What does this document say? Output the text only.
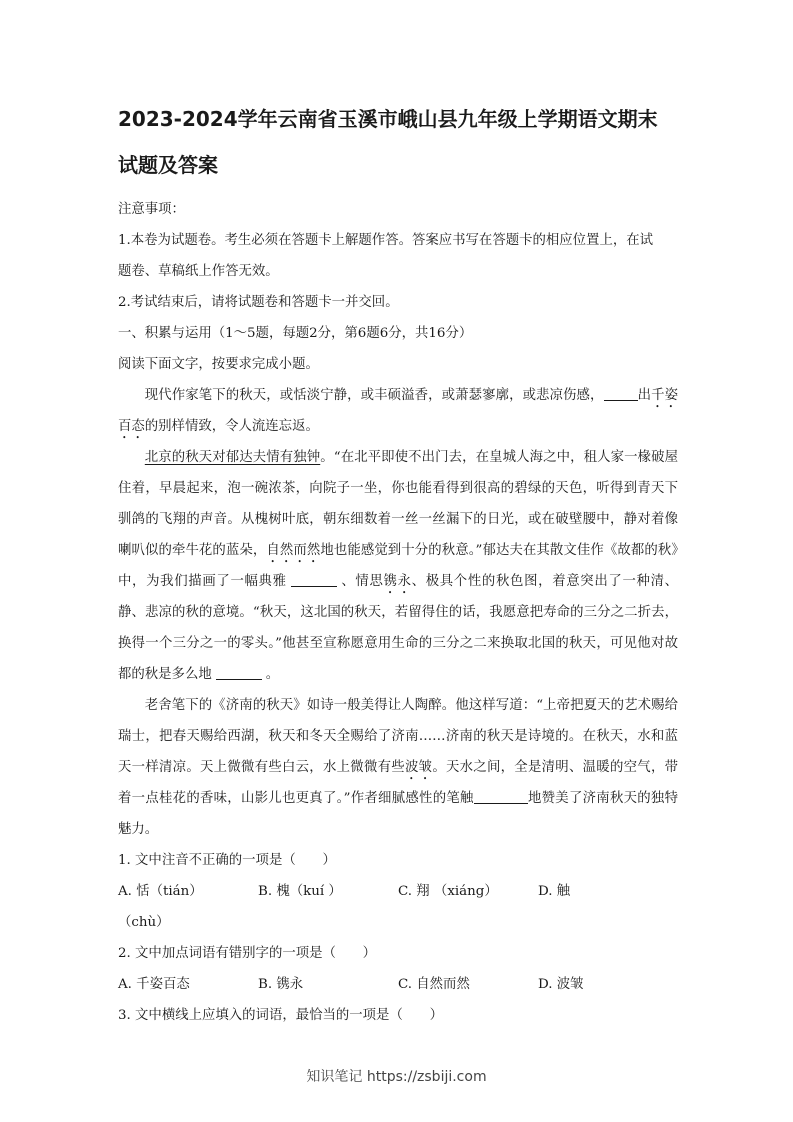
2023-2024学年云南省玉溪市峨山县九年级上学期语文期末
试题及答案

注意事项：

1.本卷为试题卷。考生必须在答题卡上解题作答。答案应书写在答题卡的相应位置上，在试

题卷、草稿纸上作答无效。

2.考试结束后，请将试题卷和答题卡一并交回。

一、积累与运用（1～5题，每题2分，第6题6分，共16分）

阅读下面文字，按要求完成小题。

现代作家笔下的秋天，或恬淡宁静，或丰硕溢香，或萧瑟寥廓，或悲凉伤感，	出千姿百态的别样情致，令人流连忘返。

北京的秋天对郁达夫情有独钟。“在北平即使不出门去，在皇城人海之中，租人家一椽破屋住着，早晨起来，泡一碗浓茶，向院子一坐，你也能看得到很高的碧绿的天色，听得到青天下驯鸽的飞翔的声音。从槐树叶底，朝东细数着一丝一丝漏下的日光，或在破壁腰中，静对着像喇叭似的牵牛花的蓝朵，自然而然地也能感觉到十分的秋意。”郁达夫在其散文佳作《故都的秋》中，为我们描画了一幅典雅	、情思镌永、极具个性的秋色图，着意突出了一种清、静、悲凉的秋的意境。“秋天，这北国的秋天，若留得住的话，我愿意把寿命的三分之二折去，换得一个三分之一的零头。”他甚至宣称愿意用生命的三分之二来换取北国的秋天，可见他对故都的秋是多么地	。

老舍笔下的《济南的秋天》如诗一般美得让人陶醉。他这样写道：“上帝把夏天的艺术赐给瑞士，把春天赐给西湖，秋天和冬天全赐给了济南……济南的秋天是诗境的。在秋天，水和蓝天一样清凉。天上微微有些白云，水上微微有些波皱。天水之间，全是清明、温暖的空气，带着一点桂花的香味，山影儿也更真了。”作者细腻感性的笔触	地赞美了济南秋天的独特魅力。

1. 文中注音不正确的一项是（　　）

A. 恬（tián）	B. 槐（kuí ）	C. 翔 （xiáng）	D. 触

（chù）

2. 文中加点词语有错别字的一项是（　　）

A. 千姿百态	B. 镌永	C. 自然而然	D. 波皱

3. 文中横线上应填入的词语，最恰当的一项是（　　）

知识笔记 https://zsbiji.com
